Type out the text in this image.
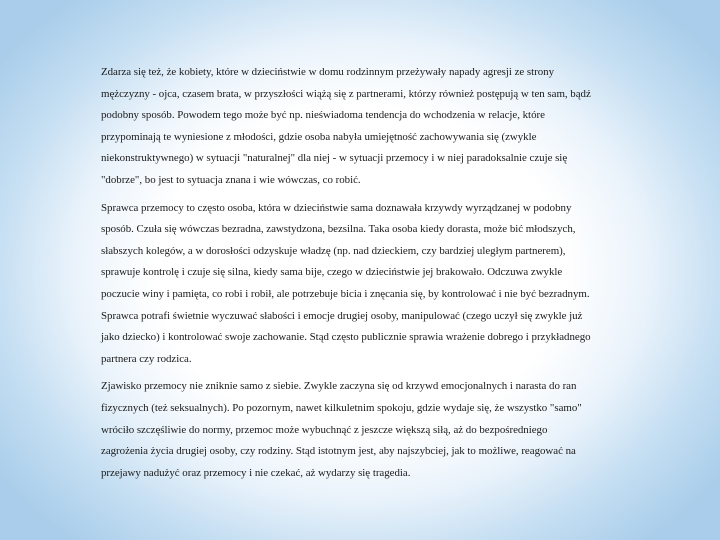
Zdarza się też, że kobiety, które w dzieciństwie w domu rodzinnym przeżywały napady agresji ze strony
mężczyzny - ojca, czasem brata, w przyszłości wiążą się z partnerami, którzy również postępują w ten sam, bądź
podobny sposób. Powodem tego może być np. nieświadoma tendencja do wchodzenia w relacje, które
przypominają te wyniesione z młodości, gdzie osoba nabyła umiejętność zachowywania się (zwykle
niekonstruktywnego) w sytuacji "naturalnej" dla niej - w sytuacji przemocy i w niej paradoksalnie czuje się
"dobrze", bo jest to sytuacja znana i wie wówczas, co robić.

Sprawca przemocy to często osoba, która w dzieciństwie sama doznawała krzywdy wyrządzanej w podobny
sposób. Czuła się wówczas bezradna, zawstydzona, bezsilna. Taka osoba kiedy dorasta, może bić młodszych,
słabszych kolegów, a w dorosłości odzyskuje władzę (np. nad dzieckiem, czy bardziej uległym partnerem),
sprawuje kontrolę i czuje się silna, kiedy sama bije, czego w dzieciństwie jej brakowało. Odczuwa zwykle
poczucie winy i pamięta, co robi i robił, ale potrzebuje bicia i znęcania się, by kontrolować i nie być bezradnym.
Sprawca potrafi świetnie wyczuwać słabości i emocje drugiej osoby, manipulować (czego uczył się zwykle już
jako dziecko) i kontrolować swoje zachowanie. Stąd często publicznie sprawia wrażenie dobrego i przykładnego
partnera czy rodzica.

Zjawisko przemocy nie zniknie samo z siebie. Zwykle zaczyna się od krzywd emocjonalnych i narasta do ran
fizycznych (też seksualnych). Po pozornym, nawet kilkuletnim spokoju, gdzie wydaje się, że wszystko "samo"
wróciło szczęśliwie do normy, przemoc może wybuchnąć z jeszcze większą siłą, aż do bezpośredniego
zagrożenia życia drugiej osoby, czy rodziny. Stąd istotnym jest, aby najszybciej, jak to możliwe, reagować na
przejawy nadużyć oraz przemocy i nie czekać, aż wydarzy się tragedia.
